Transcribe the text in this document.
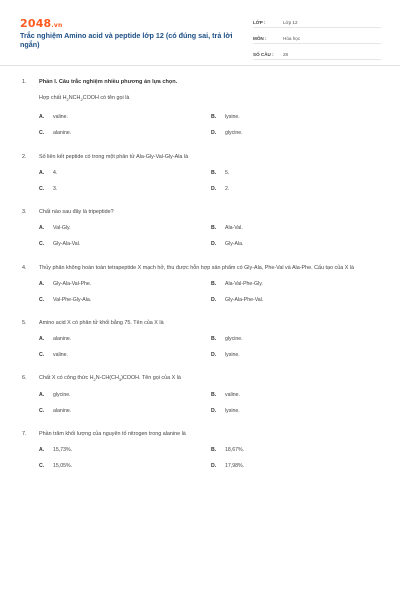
2048.vn
Trắc nghiệm Amino acid và peptide lớp 12 (có đúng sai, trả lời ngắn)
LỚP :	Lớp 12
MÔN :	Hóa học
SỐ CÂU :	28
1.	Phần I. Câu trắc nghiệm nhiều phương án lựa chọn.
Hợp chất $H_2NCH_2COOH$ có tên gọi là
A.	valine.	B.	lysine.
C.	alanine.	D.	glycine.
2.	Số liên kết peptide có trong một phân tử Ala-Gly-Val-Gly-Ala là
A.	4.	B.	5.
C.	3.	D.	2.
3.	Chất nào sau đây là tripeptide?
A.	Val-Gly.	B.	Ala-Val.
C.	Gly-Ala-Val.	D.	Gly-Ala.
4.	Thủy phân không hoàn toàn tetrapeptide X mạch hở, thu được hỗn hợp sản phẩm có Gly-Ala, Phe-Val và Ala-Phe. Cấu tạo của X là
A.	Gly-Ala-Val-Phe.	B.	Ala-Val-Phe-Gly.
C.	Val-Phe-Gly-Ala.	D.	Gly-Ala-Phe-Val.
5.	Amino acid X có phân tử khối bằng 75. Tên của X là
A.	alanine.	B.	glycine.
C.	valine.	D.	lysine.
6.	Chất X có công thức $H_2N-CH(CH_3)COOH$. Tên gọi của X là
A.	glycine.	B.	valine.
C.	alanine.	D.	lysine.
7.	Phần trăm khối lượng của nguyên tố nitrogen trong alanine là
A.	15,73%.	B.	18,67%.
C.	15,05%.	D.	17,98%.
